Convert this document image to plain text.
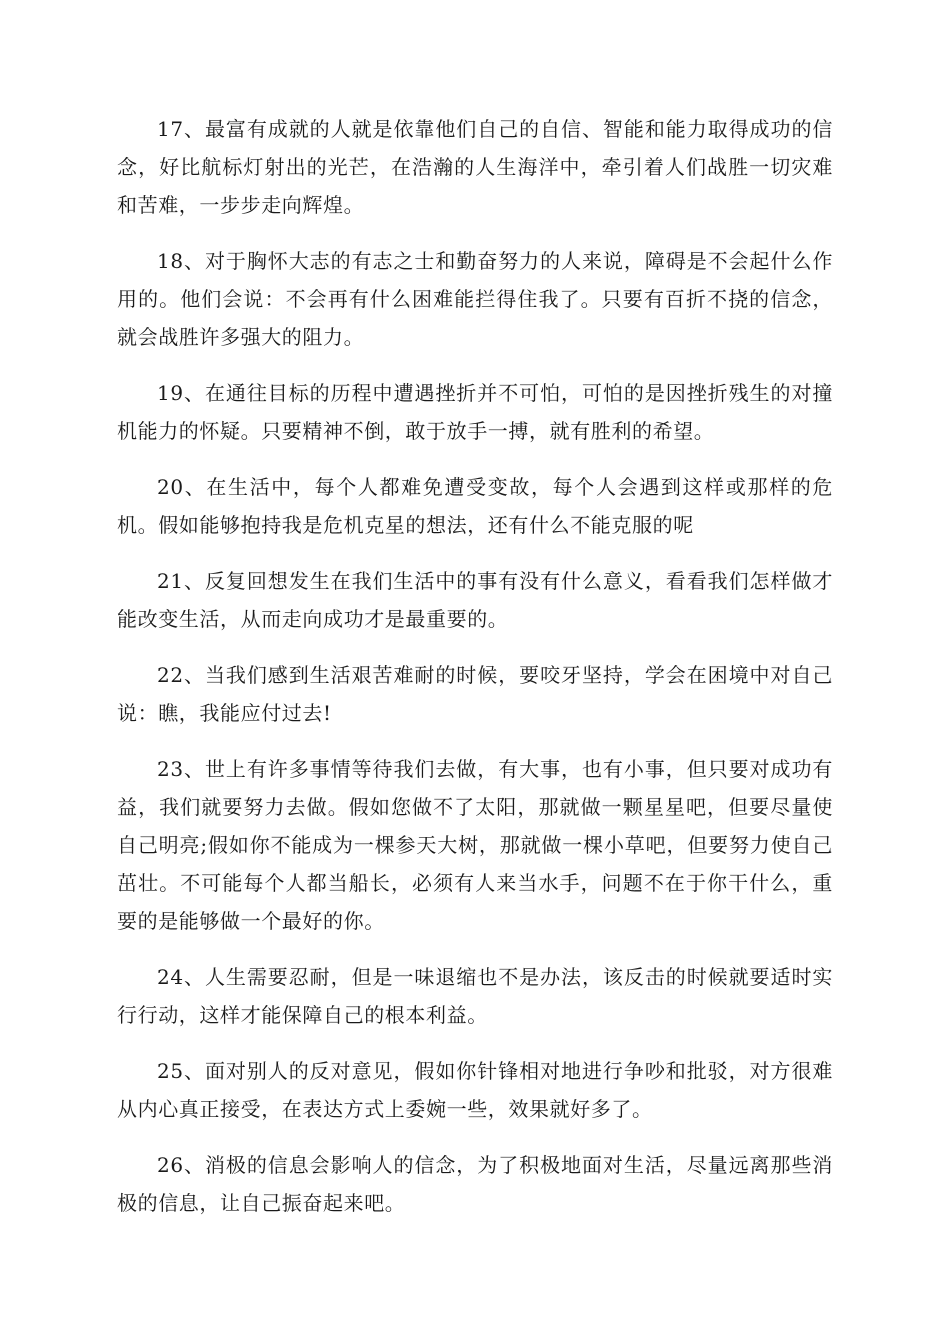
17、最富有成就的人就是依靠他们自己的自信、智能和能力取得成功的信念，好比航标灯射出的光芒，在浩瀚的人生海洋中，牵引着人们战胜一切灾难和苦难，一步步走向辉煌。

18、对于胸怀大志的有志之士和勤奋努力的人来说，障碍是不会起什么作用的。他们会说：不会再有什么困难能拦得住我了。只要有百折不挠的信念，就会战胜许多强大的阻力。

19、在通往目标的历程中遭遇挫折并不可怕，可怕的是因挫折残生的对撞机能力的怀疑。只要精神不倒，敢于放手一搏，就有胜利的希望。

20、在生活中，每个人都难免遭受变故，每个人会遇到这样或那样的危机。假如能够抱持我是危机克星的想法，还有什么不能克服的呢

21、反复回想发生在我们生活中的事有没有什么意义，看看我们怎样做才能改变生活，从而走向成功才是最重要的。

22、当我们感到生活艰苦难耐的时候，要咬牙坚持，学会在困境中对自己说：瞧，我能应付过去!

23、世上有许多事情等待我们去做，有大事，也有小事，但只要对成功有益，我们就要努力去做。假如您做不了太阳，那就做一颗星星吧，但要尽量使自己明亮;假如你不能成为一棵参天大树，那就做一棵小草吧，但要努力使自己茁壮。不可能每个人都当船长，必须有人来当水手，问题不在于你干什么，重要的是能够做一个最好的你。

24、人生需要忍耐，但是一味退缩也不是办法，该反击的时候就要适时实行行动，这样才能保障自己的根本利益。

25、面对别人的反对意见，假如你针锋相对地进行争吵和批驳，对方很难从内心真正接受，在表达方式上委婉一些，效果就好多了。

26、消极的信息会影响人的信念，为了积极地面对生活，尽量远离那些消极的信息，让自己振奋起来吧。
